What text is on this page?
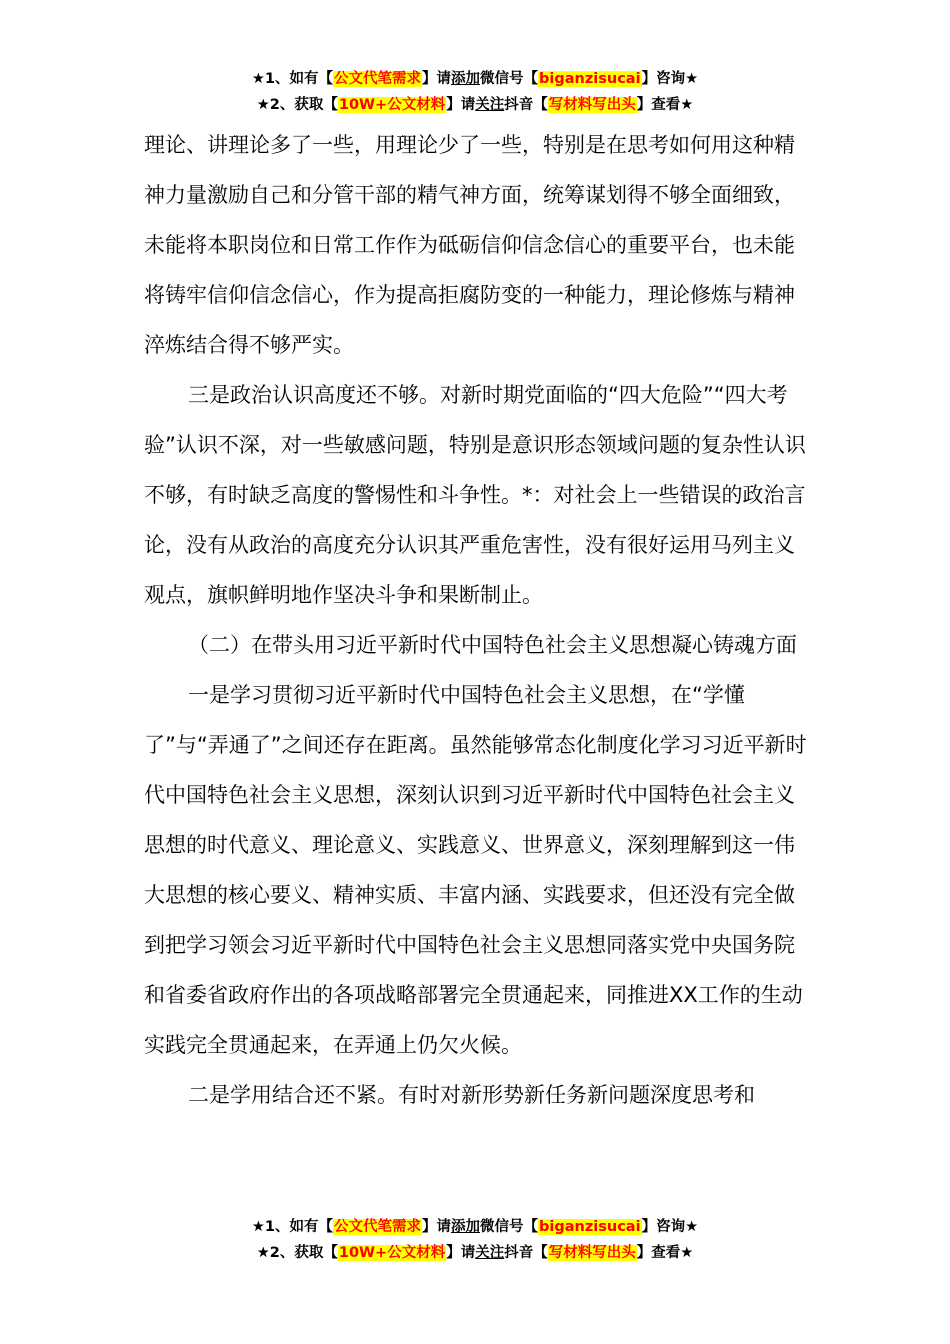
★1、如有【公文代笔需求】请添加微信号【biganzisucai】咨询★
★2、获取【10W+公文材料】请关注抖音【写材料写出头】查看★

理论、讲理论多了一些，用理论少了一些，特别是在思考如何用这种精神力量激励自己和分管干部的精气神方面，统筹谋划得不够全面细致，未能将本职岗位和日常工作作为砥砺信仰信念信心的重要平台，也未能将铸牢信仰信念信心，作为提高拒腐防变的一种能力，理论修炼与精神淬炼结合得不够严实。

三是政治认识高度还不够。对新时期党面临的“四大危险”“四大考验”认识不深，对一些敏感问题，特别是意识形态领域问题的复杂性认识不够，有时缺乏高度的警惕性和斗争性。*：对社会上一些错误的政治言论，没有从政治的高度充分认识其严重危害性，没有很好运用马列主义观点，旗帜鲜明地作坚决斗争和果断制止。

（二）在带头用习近平新时代中国特色社会主义思想凝心铸魂方面

一是学习贯彻习近平新时代中国特色社会主义思想，在“学懂了”与“弄通了”之间还存在距离。虽然能够常态化制度化学习习近平新时代中国特色社会主义思想，深刻认识到习近平新时代中国特色社会主义思想的时代意义、理论意义、实践意义、世界意义，深刻理解到这一伟大思想的核心要义、精神实质、丰富内涵、实践要求，但还没有完全做到把学习领会习近平新时代中国特色社会主义思想同落实党中央国务院和省委省政府作出的各项战略部署完全贯通起来，同推进XX工作的生动实践完全贯通起来，在弄通上仍欠火候。

二是学用结合还不紧。有时对新形势新任务新问题深度思考和

★1、如有【公文代笔需求】请添加微信号【biganzisucai】咨询★
★2、获取【10W+公文材料】请关注抖音【写材料写出头】查看★
